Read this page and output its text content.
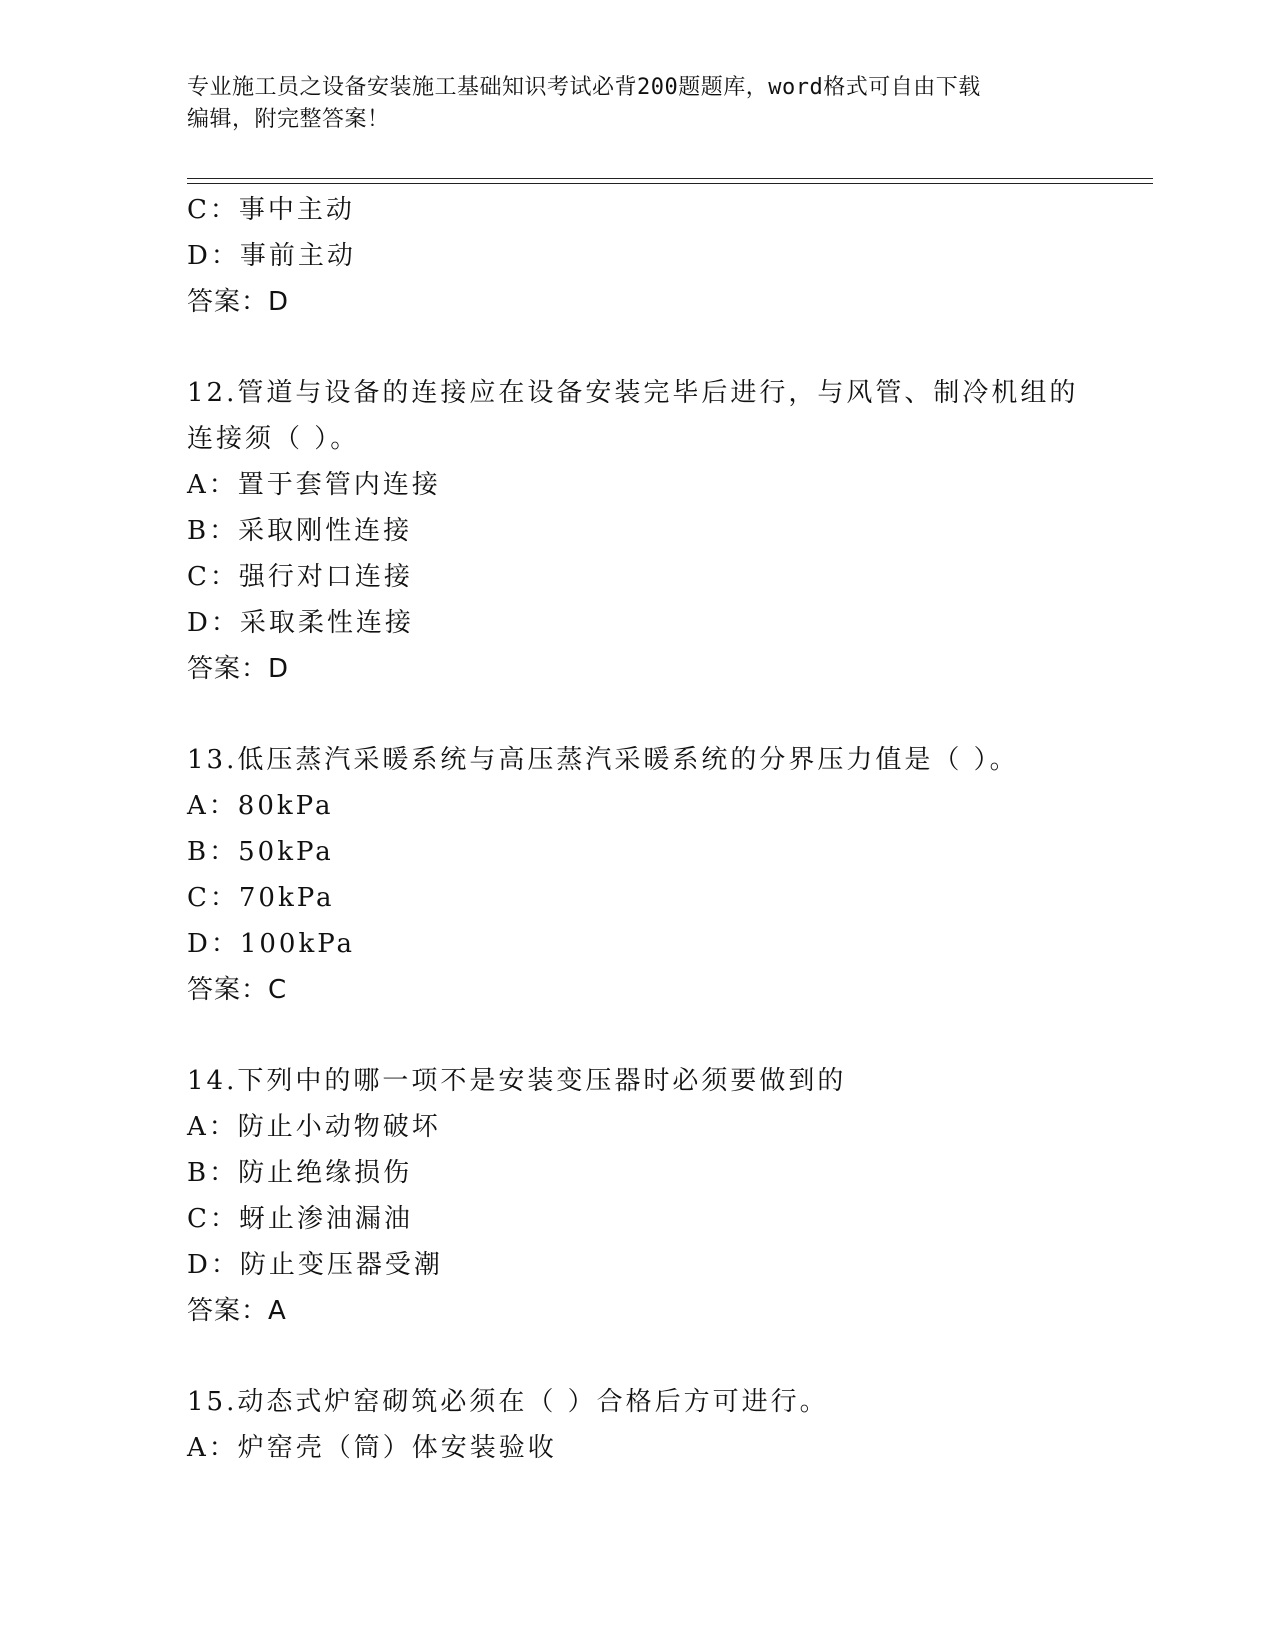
专业施工员之设备安装施工基础知识考试必背200题题库，word格式可自由下载
编辑，附完整答案！
C：事中主动
D：事前主动
答案：D
12.管道与设备的连接应在设备安装完毕后进行，与风管、制冷机组的
连接须（ ）。
A：置于套管内连接
B：采取刚性连接
C：强行对口连接
D：采取柔性连接
答案：D
13.低压蒸汽采暖系统与高压蒸汽采暖系统的分界压力值是（ ）。
A：80kPa
B：50kPa
C：70kPa
D：100kPa
答案：C
14.下列中的哪一项不是安装变压器时必须要做到的
A：防止小动物破坏
B：防止绝缘损伤
C：蚜止渗油漏油
D：防止变压器受潮
答案：A
15.动态式炉窑砌筑必须在（ ）合格后方可进行。
A：炉窑壳（筒）体安装验收
